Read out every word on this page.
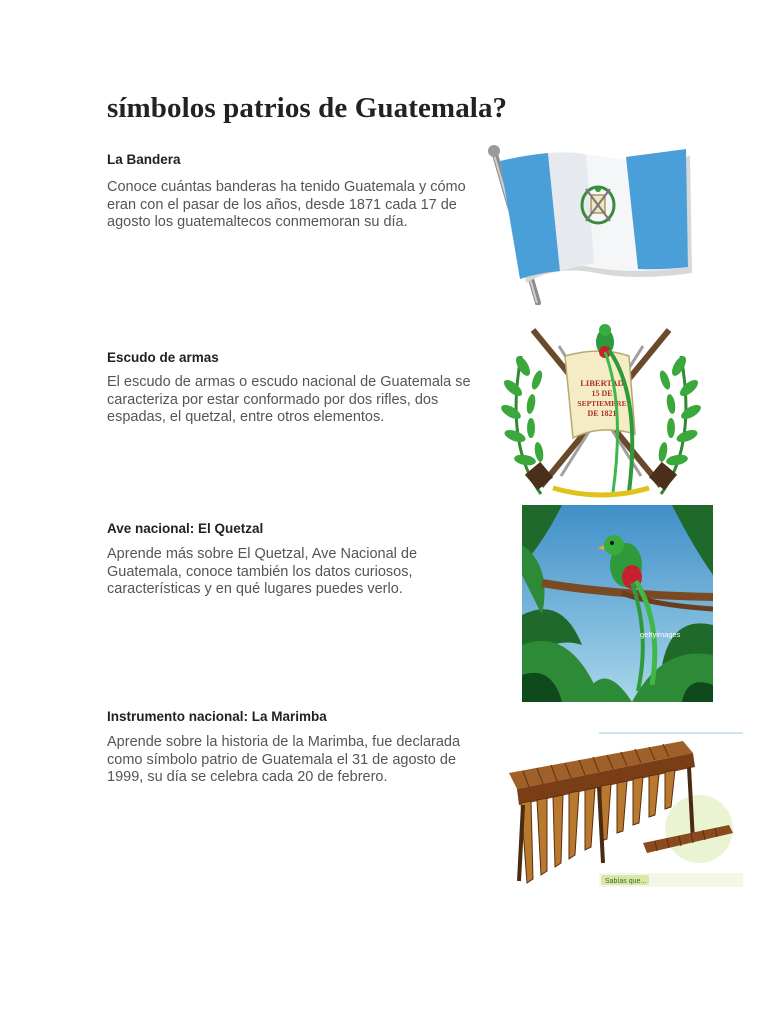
símbolos patrios de Guatemala?
La Bandera

Conoce cuántas banderas ha tenido Guatemala y cómo eran con el pasar de los años, desde 1871 cada 17 de agosto los guatemaltecos conmemoran su día.

Escudo de armas

El escudo de armas o escudo nacional de Guatemala se caracteriza por estar conformado por dos rifles, dos espadas, el quetzal, entre otros elementos.

LIBERTAD
15 DE
SEPTIEMBRE
DE 1821
Ave nacional: El Quetzal

Aprende más sobre El Quetzal, Ave Nacional de Guatemala, conoce también los datos curiosos, características y en qué lugares puedes verlo.

gettyimages
Instrumento nacional: La Marimba

Aprende sobre la historia de la Marimba, fue declarada como símbolo patrio de Guatemala el 31 de agosto de 1999, su día se celebra cada 20 de febrero.

Sabías que...
